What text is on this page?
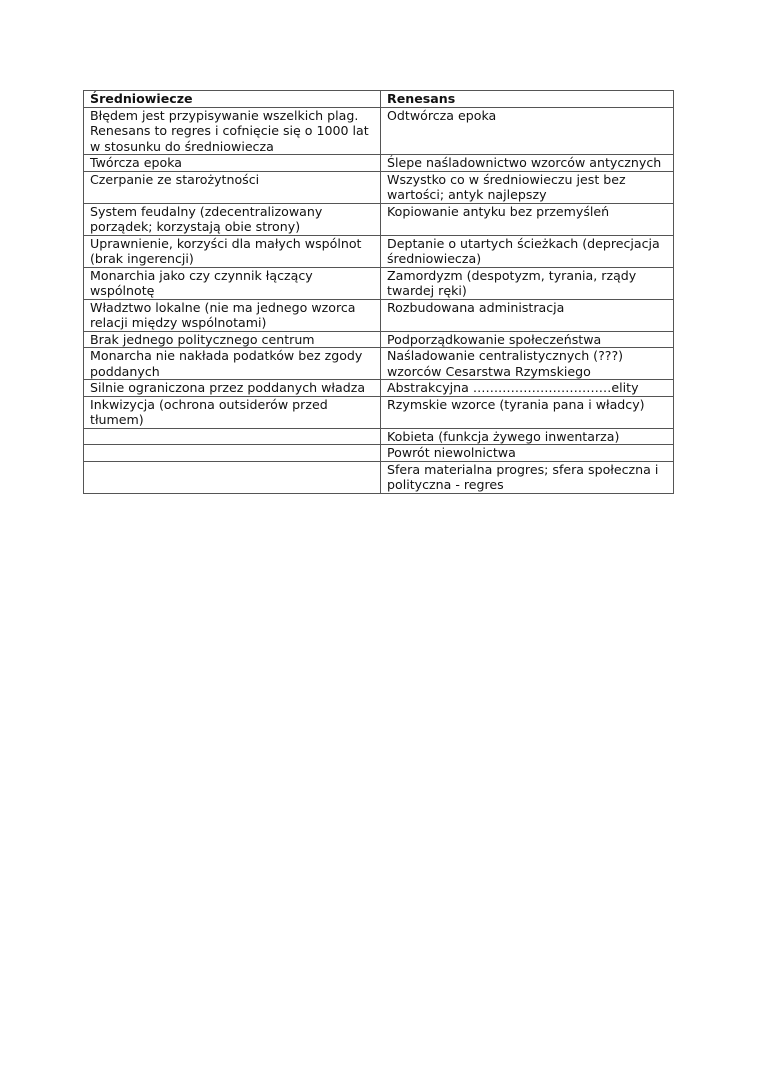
Średniowiecze	Renesans
Błędem jest przypisywanie wszelkich plag. Renesans to regres i cofnięcie się o 1000 lat w stosunku do średniowiecza	Odtwórcza epoka
Twórcza epoka	Ślepe naśladownictwo wzorców antycznych
Czerpanie ze starożytności	Wszystko co w średniowieczu jest bez wartości; antyk najlepszy
System feudalny (zdecentralizowany porządek; korzystają obie strony)	Kopiowanie antyku bez przemyśleń
Uprawnienie, korzyści dla małych wspólnot (brak ingerencji)	Deptanie o utartych ścieżkach (deprecjacja średniowiecza)
Monarchia jako czy czynnik łączący wspólnotę	Zamordyzm (despotyzm, tyrania, rządy twardej ręki)
Władztwo lokalne (nie ma jednego wzorca relacji między wspólnotami)	Rozbudowana administracja
Brak jednego politycznego centrum	Podporządkowanie społeczeństwa
Monarcha nie nakłada podatków bez zgody poddanych	Naśladowanie centralistycznych (???) wzorców Cesarstwa Rzymskiego
Silnie ograniczona przez poddanych władza	Abstrakcyjna ……………………………elity
Inkwizycja (ochrona outsiderów przed tłumem)	Rzymskie wzorce (tyrania pana i władcy)
	Kobieta (funkcja żywego inwentarza)
	Powrót niewolnictwa
	Sfera materialna progres; sfera społeczna i polityczna - regres
